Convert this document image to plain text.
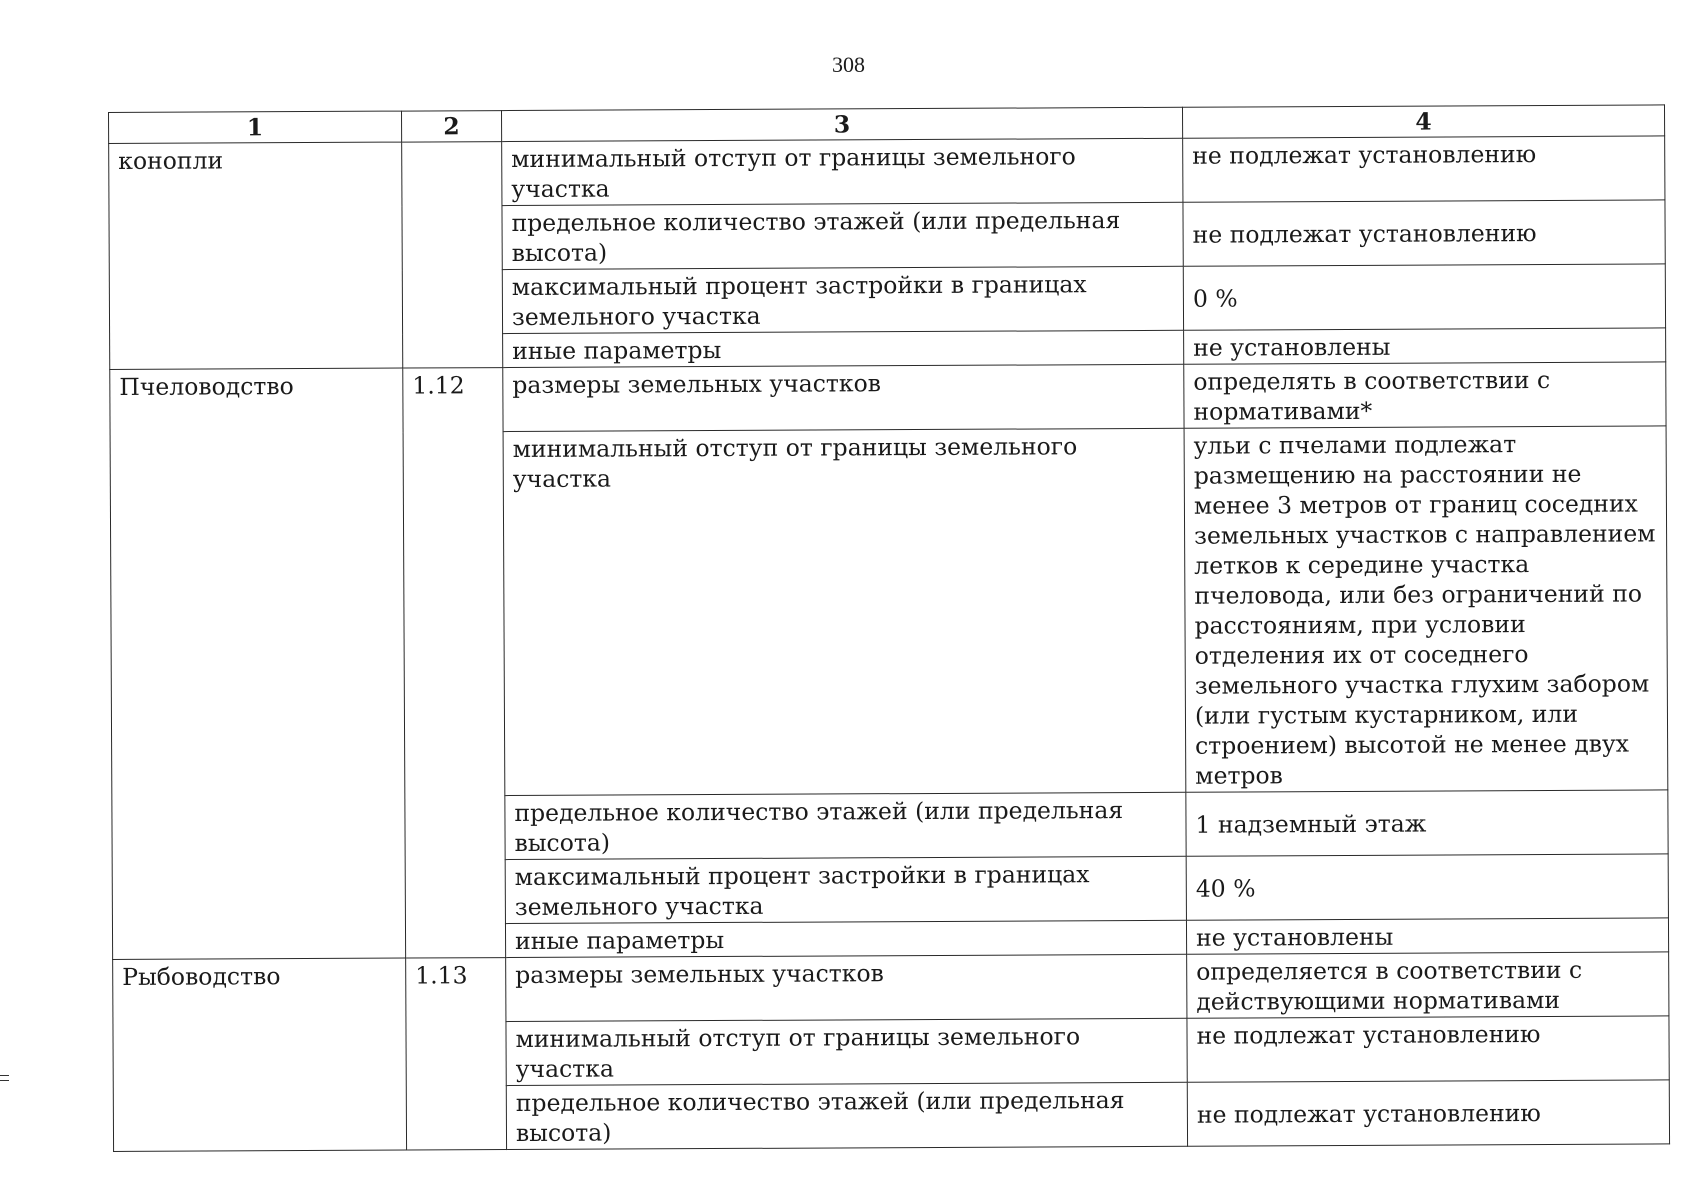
308
1	2	3	4
конопли		минимальный отступ от границы земельного участка	не подлежат установлению
		предельное количество этажей (или предельная высота)	не подлежат установлению
		максимальный процент застройки в границах земельного участка	0 %
		иные параметры	не установлены
Пчеловодство	1.12	размеры земельных участков	определять в соответствии с нормативами*
		минимальный отступ от границы земельного участка	ульи с пчелами подлежат размещению на расстоянии не менее 3 метров от границ соседних земельных участков с направлением летков к середине участка пчеловода, или без ограничений по расстояниям, при условии отделения их от соседнего земельного участка глухим забором (или густым кустарником, или строением) высотой не менее двух метров
		предельное количество этажей (или предельная высота)	1 надземный этаж
		максимальный процент застройки в границах земельного участка	40 %
		иные параметры	не установлены
Рыбоводство	1.13	размеры земельных участков	определяется в соответствии с действующими нормативами
		минимальный отступ от границы земельного участка	не подлежат установлению
		предельное количество этажей (или предельная высота)	не подлежат установлению
